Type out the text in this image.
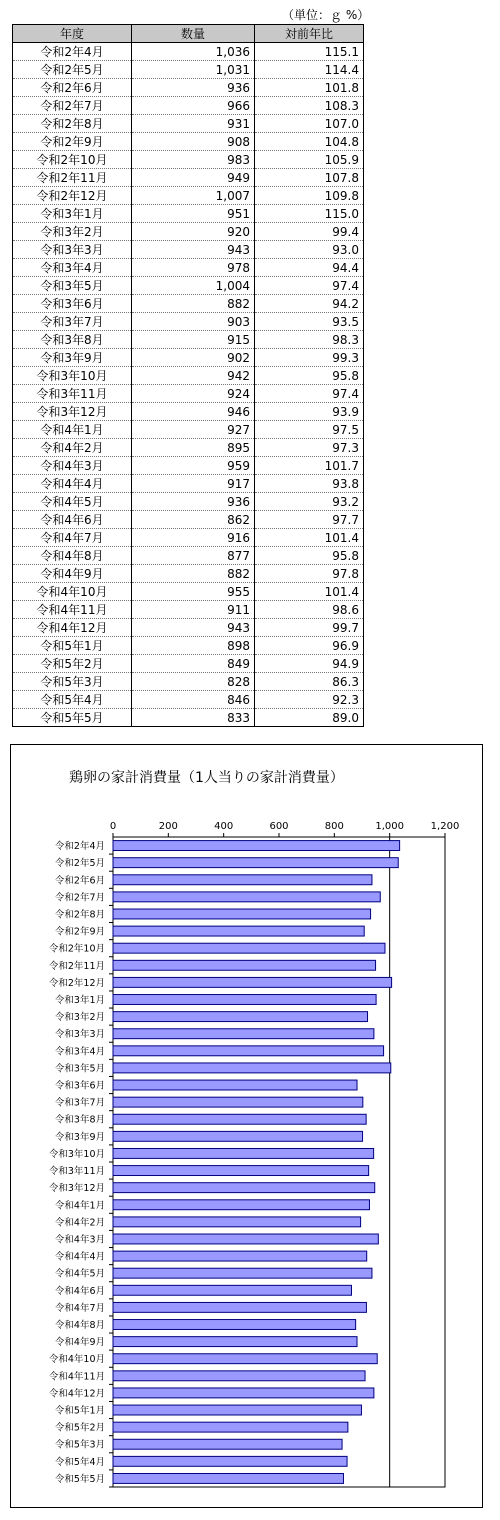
（単位：ｇ %）
年度	数量	対前年比
令和2年4月	1,036	115.1
令和2年5月	1,031	114.4
令和2年6月	936	101.8
令和2年7月	966	108.3
令和2年8月	931	107.0
令和2年9月	908	104.8
令和2年10月	983	105.9
令和2年11月	949	107.8
令和2年12月	1,007	109.8
令和3年1月	951	115.0
令和3年2月	920	99.4
令和3年3月	943	93.0
令和3年4月	978	94.4
令和3年5月	1,004	97.4
令和3年6月	882	94.2
令和3年7月	903	93.5
令和3年8月	915	98.3
令和3年9月	902	99.3
令和3年10月	942	95.8
令和3年11月	924	97.4
令和3年12月	946	93.9
令和4年1月	927	97.5
令和4年2月	895	97.3
令和4年3月	959	101.7
令和4年4月	917	93.8
令和4年5月	936	93.2
令和4年6月	862	97.7
令和4年7月	916	101.4
令和4年8月	877	95.8
令和4年9月	882	97.8
令和4年10月	955	101.4
令和4年11月	911	98.6
令和4年12月	943	99.7
令和5年1月	898	96.9
令和5年2月	849	94.9
令和5年3月	828	86.3
令和5年4月	846	92.3
令和5年5月	833	89.0
鶏卵の家計消費量（1人当りの家計消費量）
0	200	400	600	800	1,000	1,200
令和2年4月
令和2年5月
令和2年6月
令和2年7月
令和2年8月
令和2年9月
令和2年10月
令和2年11月
令和2年12月
令和3年1月
令和3年2月
令和3年3月
令和3年4月
令和3年5月
令和3年6月
令和3年7月
令和3年8月
令和3年9月
令和3年10月
令和3年11月
令和3年12月
令和4年1月
令和4年2月
令和4年3月
令和4年4月
令和4年5月
令和4年6月
令和4年7月
令和4年8月
令和4年9月
令和4年10月
令和4年11月
令和4年12月
令和5年1月
令和5年2月
令和5年3月
令和5年4月
令和5年5月
